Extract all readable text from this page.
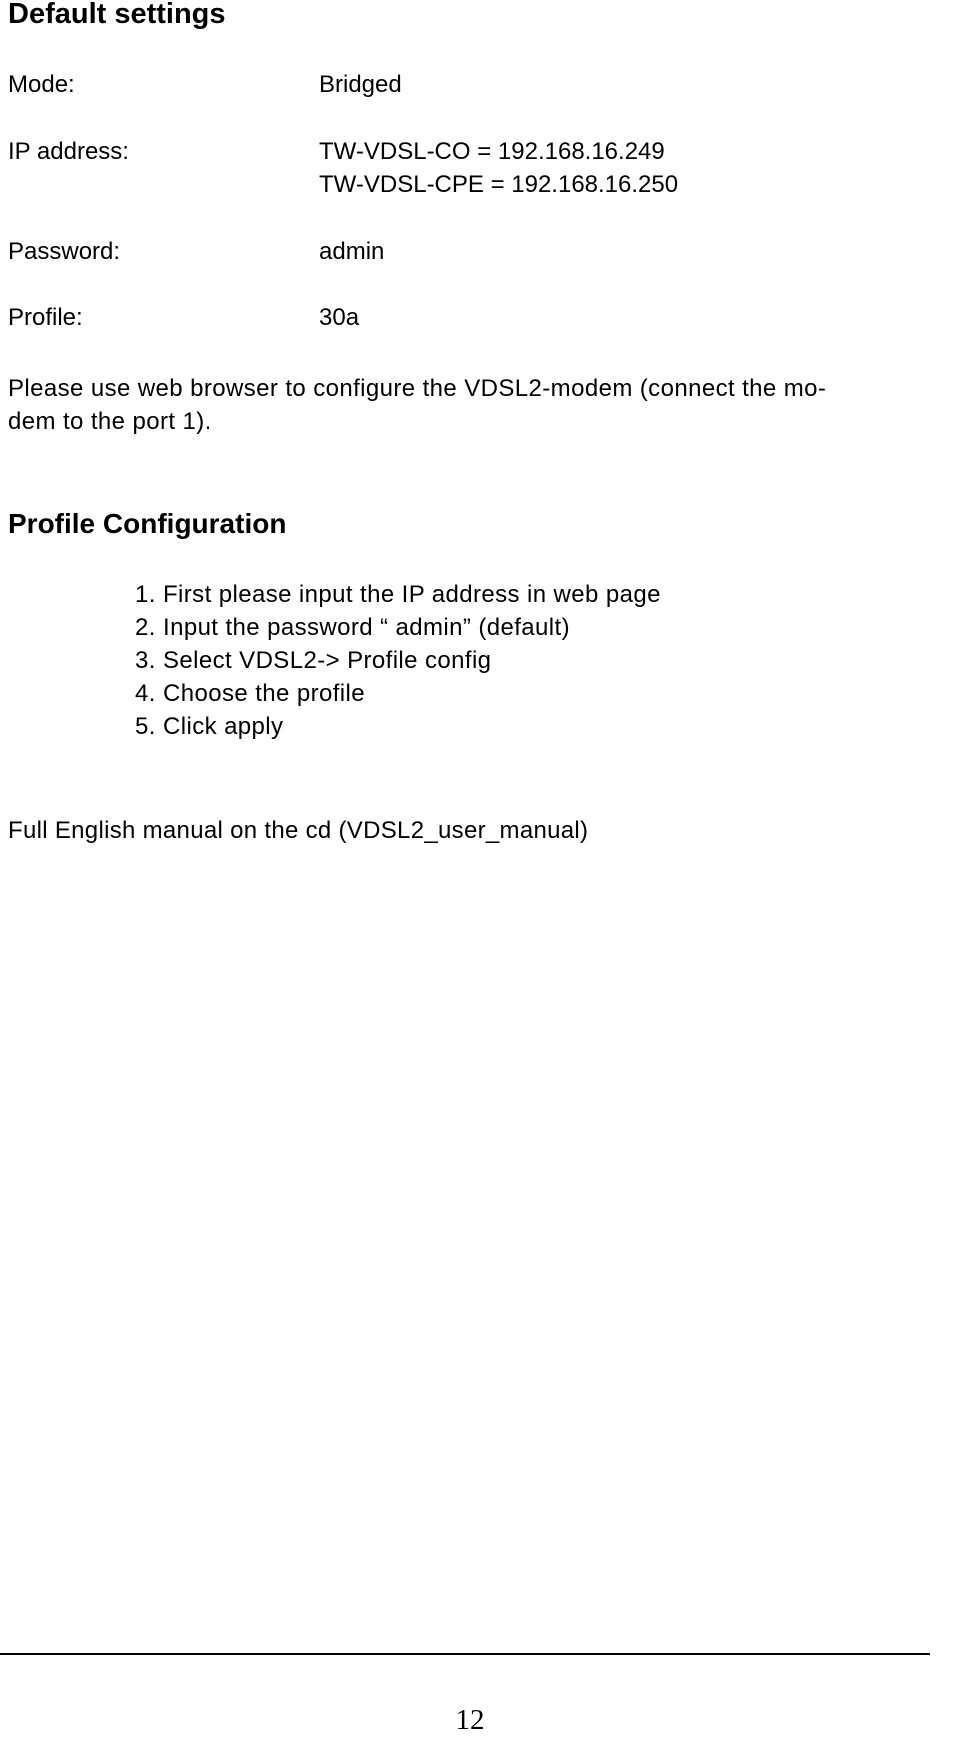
Default settings
Mode:	Bridged
IP address:	TW-VDSL-CO = 192.168.16.249
TW-VDSL-CPE = 192.168.16.250
Password:	admin
Profile:	30a

Please use web browser to configure the VDSL2-modem (connect the mo-
dem to the port 1).

Profile Configuration
1. First please input the IP address in web page
2. Input the password “ admin” (default)
3. Select VDSL2-> Profile config
4. Choose the profile
5. Click apply

Full English manual on the cd (VDSL2_user_manual)

12
